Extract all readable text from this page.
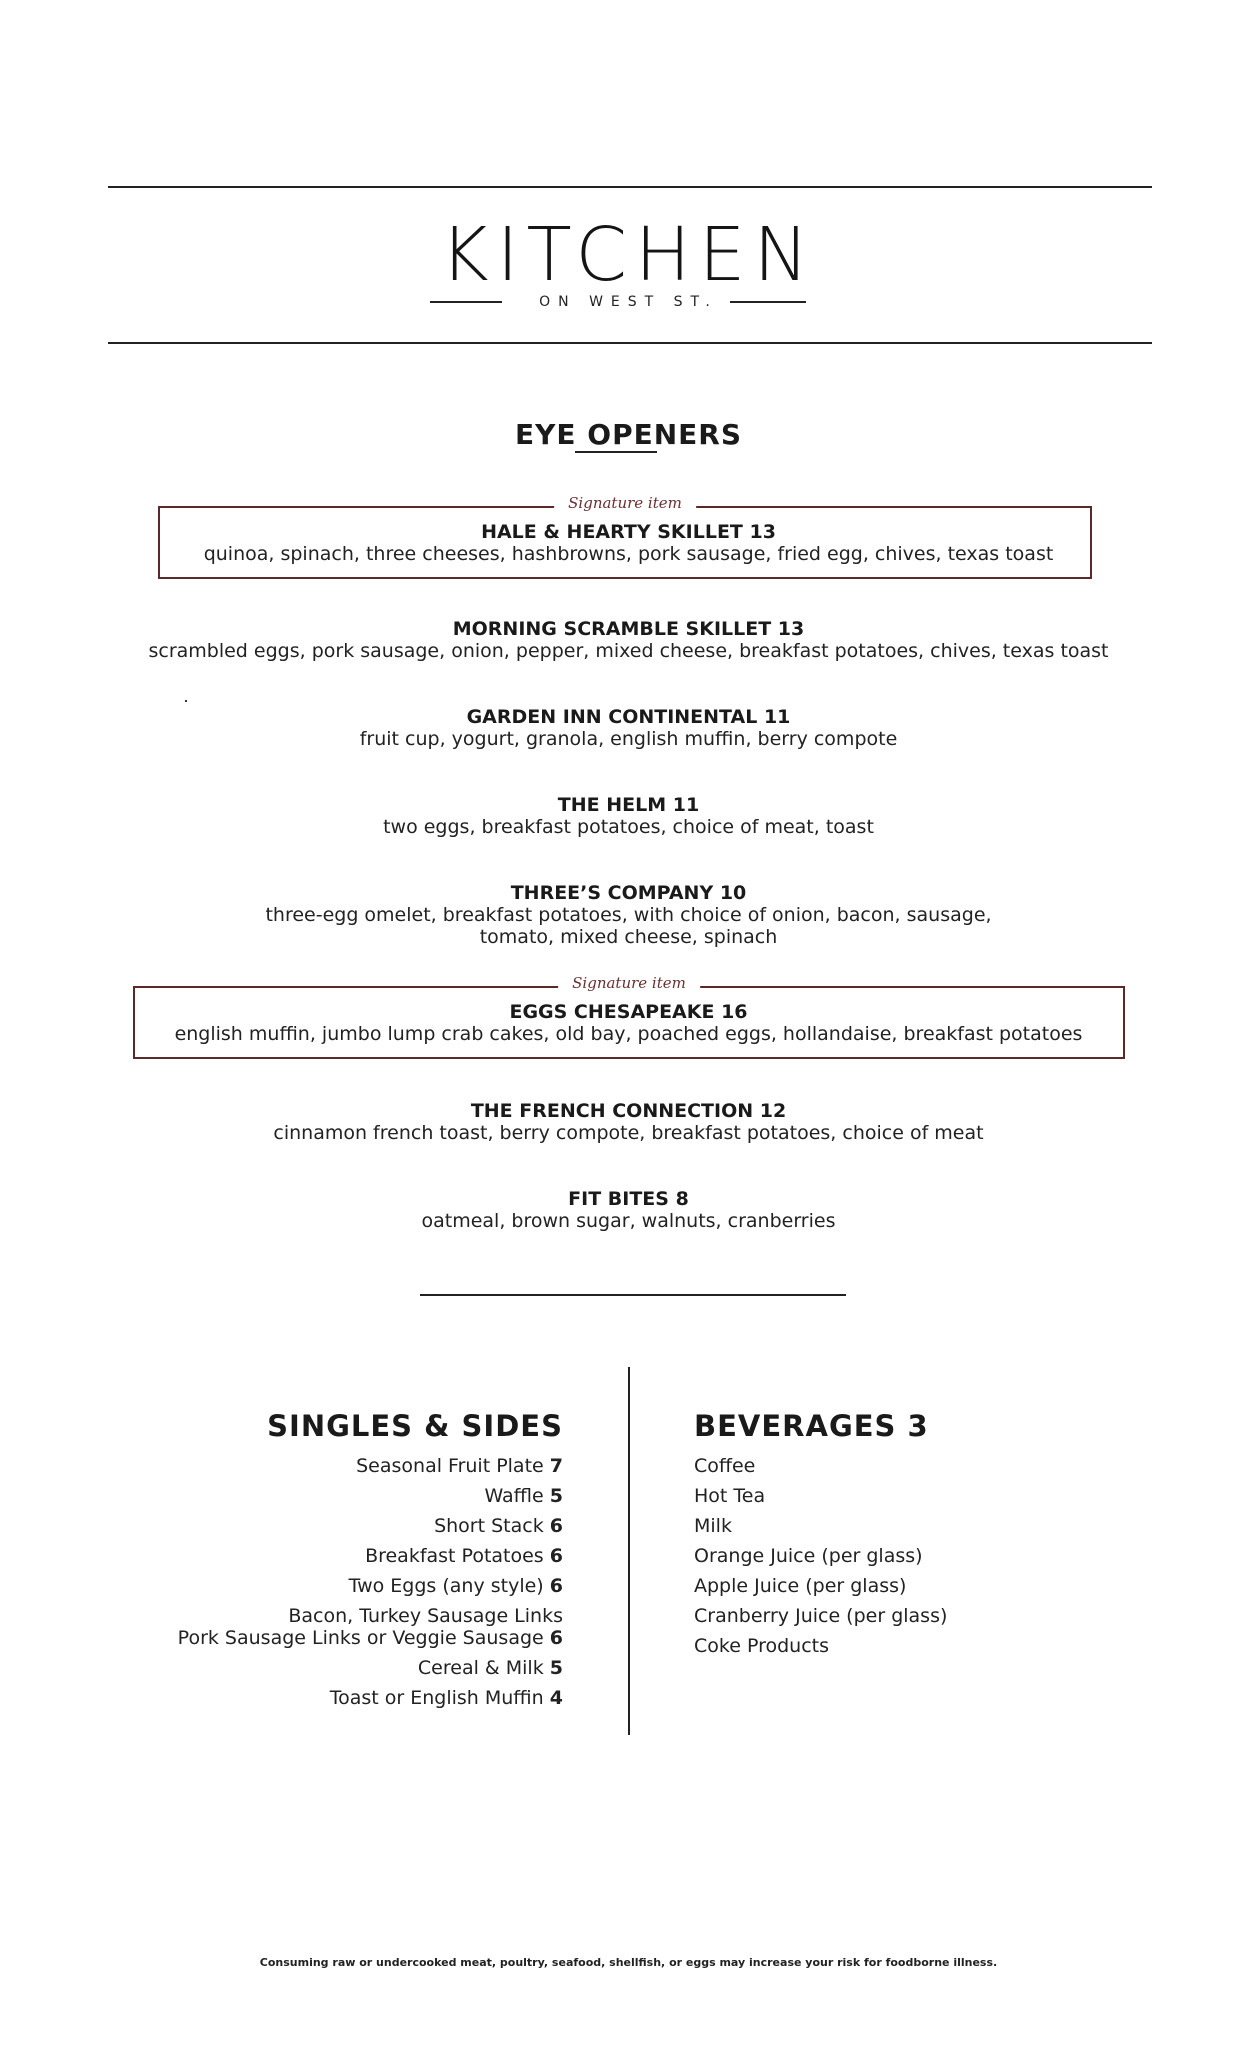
KITCHEN
ON WEST ST.
EYE OPENERS
Signature item
HALE & HEARTY SKILLET 13
quinoa, spinach, three cheeses, hashbrowns, pork sausage, fried egg, chives, texas toast
MORNING SCRAMBLE SKILLET 13
scrambled eggs, pork sausage, onion, pepper, mixed cheese, breakfast potatoes, chives, texas toast
GARDEN INN CONTINENTAL 11
fruit cup, yogurt, granola, english muffin, berry compote
THE HELM 11
two eggs, breakfast potatoes, choice of meat, toast
THREE’S COMPANY 10
three-egg omelet, breakfast potatoes, with choice of onion, bacon, sausage,
tomato, mixed cheese, spinach
Signature item
EGGS CHESAPEAKE 16
english muffin, jumbo lump crab cakes, old bay, poached eggs, hollandaise, breakfast potatoes
THE FRENCH CONNECTION 12
cinnamon french toast, berry compote, breakfast potatoes, choice of meat
FIT BITES 8
oatmeal, brown sugar, walnuts, cranberries
SINGLES & SIDES	BEVERAGES 3
Seasonal Fruit Plate 7
Waffle 5
Short Stack 6
Breakfast Potatoes 6
Two Eggs (any style) 6
Bacon, Turkey Sausage Links
Pork Sausage Links or Veggie Sausage 6
Cereal & Milk 5
Toast or English Muffin 4
Coffee
Hot Tea
Milk
Orange Juice (per glass)
Apple Juice (per glass)
Cranberry Juice (per glass)
Coke Products
Consuming raw or undercooked meat, poultry, seafood, shellfish, or eggs may increase your risk for foodborne illness.
